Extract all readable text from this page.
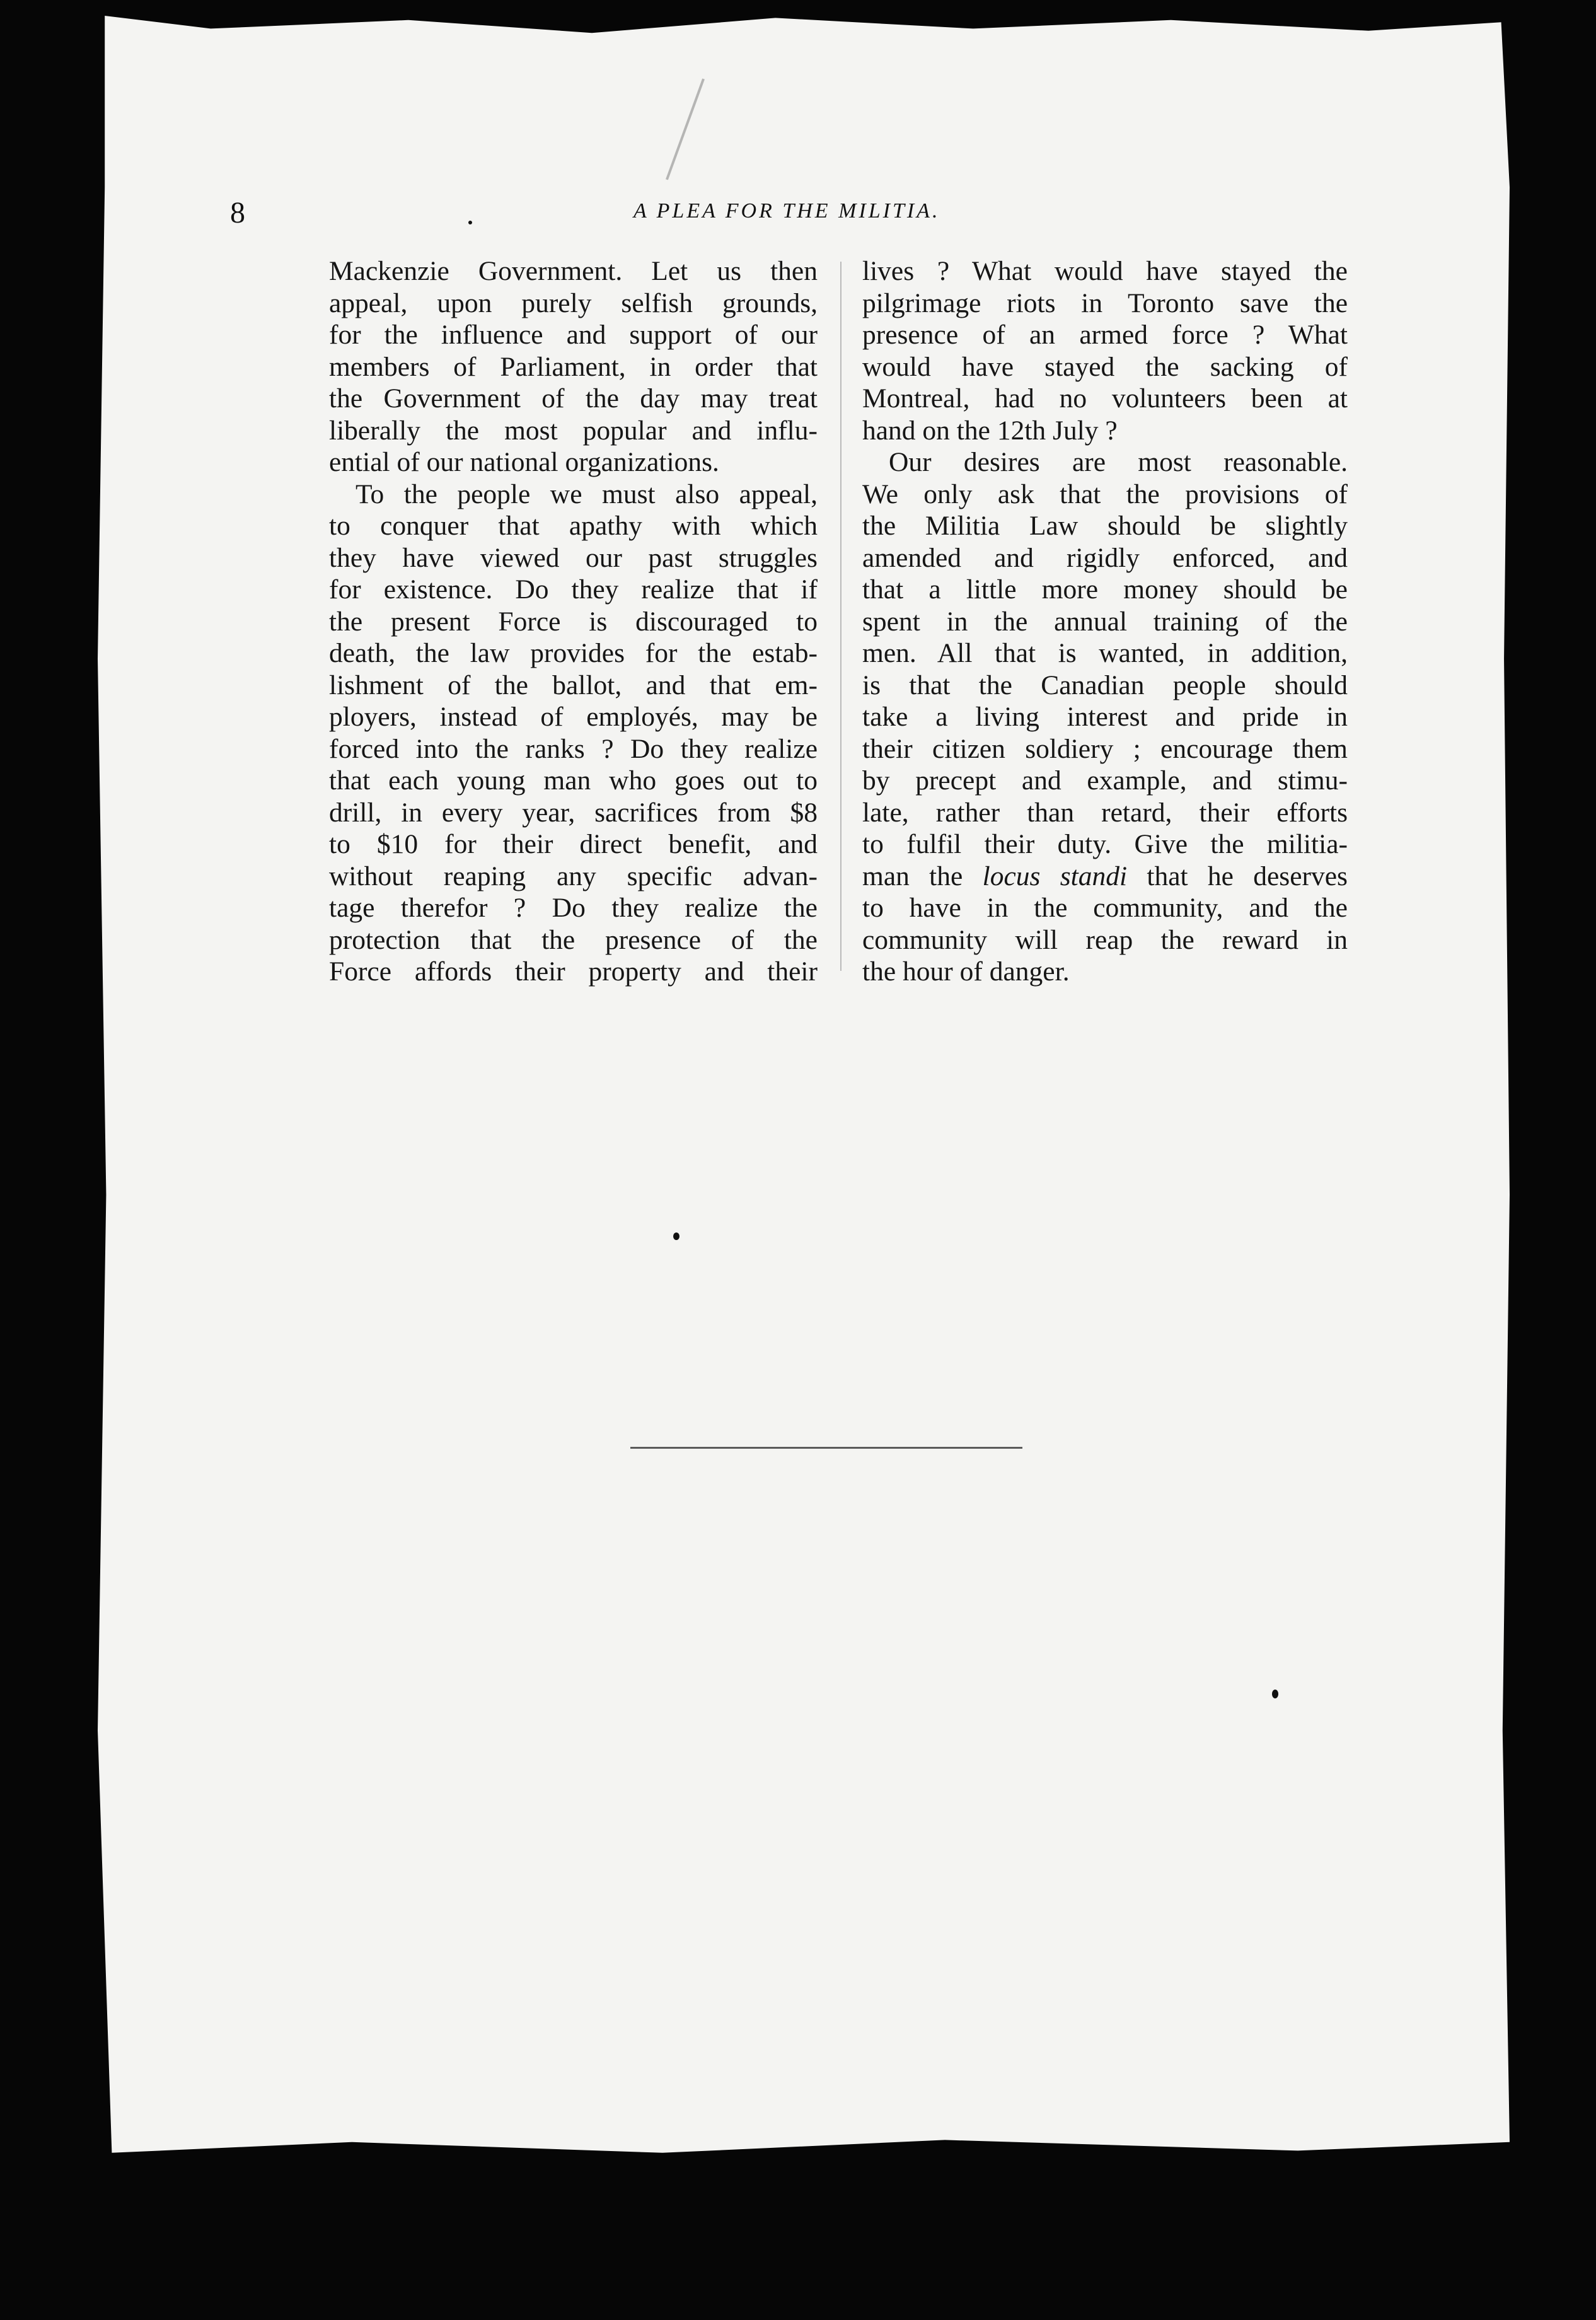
8	A PLEA FOR THE MILITIA.
Mackenzie Government. Let us then
appeal, upon purely selfish grounds,
for the influence and support of our
members of Parliament, in order that
the Government of the day may treat
liberally the most popular and influ-
ential of our national organizations.
To the people we must also appeal,
to conquer that apathy with which
they have viewed our past struggles
for existence. Do they realize that if
the present Force is discouraged to
death, the law provides for the estab-
lishment of the ballot, and that em-
ployers, instead of employés, may be
forced into the ranks ? Do they realize
that each young man who goes out to
drill, in every year, sacrifices from $8
to $10 for their direct benefit, and
without reaping any specific advan-
tage therefor ? Do they realize the
protection that the presence of the
Force affords their property and their
lives ? What would have stayed the
pilgrimage riots in Toronto save the
presence of an armed force ? What
would have stayed the sacking of
Montreal, had no volunteers been at
hand on the 12th July ?
Our desires are most reasonable.
We only ask that the provisions of
the Militia Law should be slightly
amended and rigidly enforced, and
that a little more money should be
spent in the annual training of the
men. All that is wanted, in addition,
is that the Canadian people should
take a living interest and pride in
their citizen soldiery ; encourage them
by precept and example, and stimu-
late, rather than retard, their efforts
to fulfil their duty. Give the militia-
man the locus standi that he deserves
to have in the community, and the
community will reap the reward in
the hour of danger.
